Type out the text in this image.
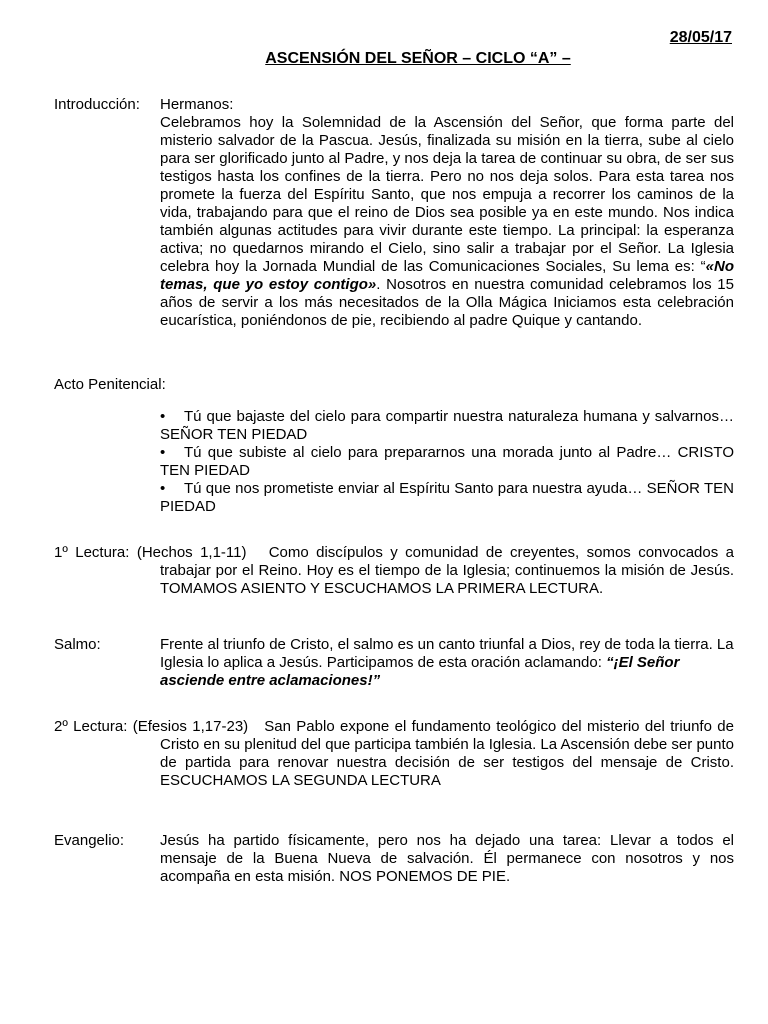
28/05/17
ASCENSIÓN DEL SEÑOR – CICLO “A” –
Introducción: Hermanos:
Celebramos hoy la Solemnidad de la Ascensión del Señor, que forma parte del misterio salvador de la Pascua. Jesús, finalizada su misión en la tierra, sube al cielo para ser glorificado junto al Padre, y nos deja la tarea de continuar su obra, de ser sus testigos hasta los confines de la tierra. Pero no nos deja solos. Para esta tarea nos promete la fuerza del Espíritu Santo, que nos empuja a recorrer los caminos de la vida, trabajando para que el reino de Dios sea posible ya en este mundo. Nos indica también algunas actitudes para vivir durante este tiempo. La principal: la esperanza activa; no quedarnos mirando el Cielo, sino salir a trabajar por el Señor. La Iglesia celebra hoy la Jornada Mundial de las Comunicaciones Sociales, Su lema es: “«No temas, que yo estoy contigo». Nosotros en nuestra comunidad celebramos los 15 años de servir a los más necesitados de la Olla Mágica Iniciamos esta celebración eucarística, poniéndonos de pie, recibiendo al padre Quique y cantando.
Acto Penitencial:
• Tú que bajaste del cielo para compartir nuestra naturaleza humana y salvarnos… SEÑOR TEN PIEDAD
• Tú que subiste al cielo para prepararnos una morada junto al Padre… CRISTO TEN PIEDAD
• Tú que nos prometiste enviar al Espíritu Santo para nuestra ayuda… SEÑOR TEN PIEDAD
1º Lectura: (Hechos 1,1-11) Como discípulos y comunidad de creyentes, somos convocados a trabajar por el Reino. Hoy es el tiempo de la Iglesia; continuemos la misión de Jesús. TOMAMOS ASIENTO Y ESCUCHAMOS LA PRIMERA LECTURA.
Salmo:	Frente al triunfo de Cristo, el salmo es un canto triunfal a Dios, rey de toda la tierra. La Iglesia lo aplica a Jesús. Participamos de esta oración aclamando: “¡El Señor asciende entre aclamaciones!”
2º Lectura: (Efesios 1,17-23) San Pablo expone el fundamento teológico del misterio del triunfo de Cristo en su plenitud del que participa también la Iglesia. La Ascensión debe ser punto de partida para renovar nuestra decisión de ser testigos del mensaje de Cristo. ESCUCHAMOS LA SEGUNDA LECTURA
Evangelio: Jesús ha partido físicamente, pero nos ha dejado una tarea: Llevar a todos el mensaje de la Buena Nueva de salvación. Él permanece con nosotros y nos acompaña en esta misión. NOS PONEMOS DE PIE.
